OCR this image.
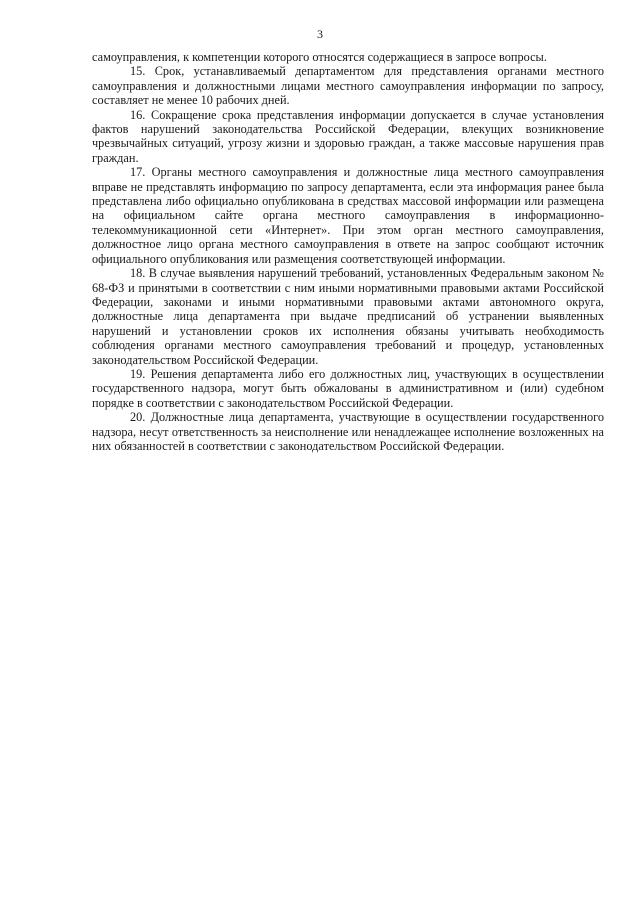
3

самоуправления, к компетенции которого относятся содержащиеся в запросе вопросы.

15. Срок, устанавливаемый департаментом для представления органами местного самоуправления и должностными лицами местного самоуправления информации по запросу, составляет не менее 10 рабочих дней.

16. Сокращение срока представления информации допускается в случае установления фактов нарушений законодательства Российской Федерации, влекущих возникновение чрезвычайных ситуаций, угрозу жизни и здоровью граждан, а также массовые нарушения прав граждан.

17. Органы местного самоуправления и должностные лица местного самоуправления вправе не представлять информацию по запросу департамента, если эта информация ранее была представлена либо официально опубликована в средствах массовой информации или размещена на официальном сайте органа местного самоуправления в информационно-телекоммуникационной сети «Интернет». При этом орган местного самоуправления, должностное лицо органа местного самоуправления в ответе на запрос сообщают источник официального опубликования или размещения соответствующей информации.

18. В случае выявления нарушений требований, установленных Федеральным законом № 68-ФЗ и принятыми в соответствии с ним иными нормативными правовыми актами Российской Федерации, законами и иными нормативными правовыми актами автономного округа, должностные лица департамента при выдаче предписаний об устранении выявленных нарушений и установлении сроков их исполнения обязаны учитывать необходимость соблюдения органами местного самоуправления требований и процедур, установленных законодательством Российской Федерации.

19. Решения департамента либо его должностных лиц, участвующих в осуществлении государственного надзора, могут быть обжалованы в административном и (или) судебном порядке в соответствии с законодательством Российской Федерации.

20. Должностные лица департамента, участвующие в осуществлении государственного надзора, несут ответственность за неисполнение или ненадлежащее исполнение возложенных на них обязанностей в соответствии с законодательством Российской Федерации.
